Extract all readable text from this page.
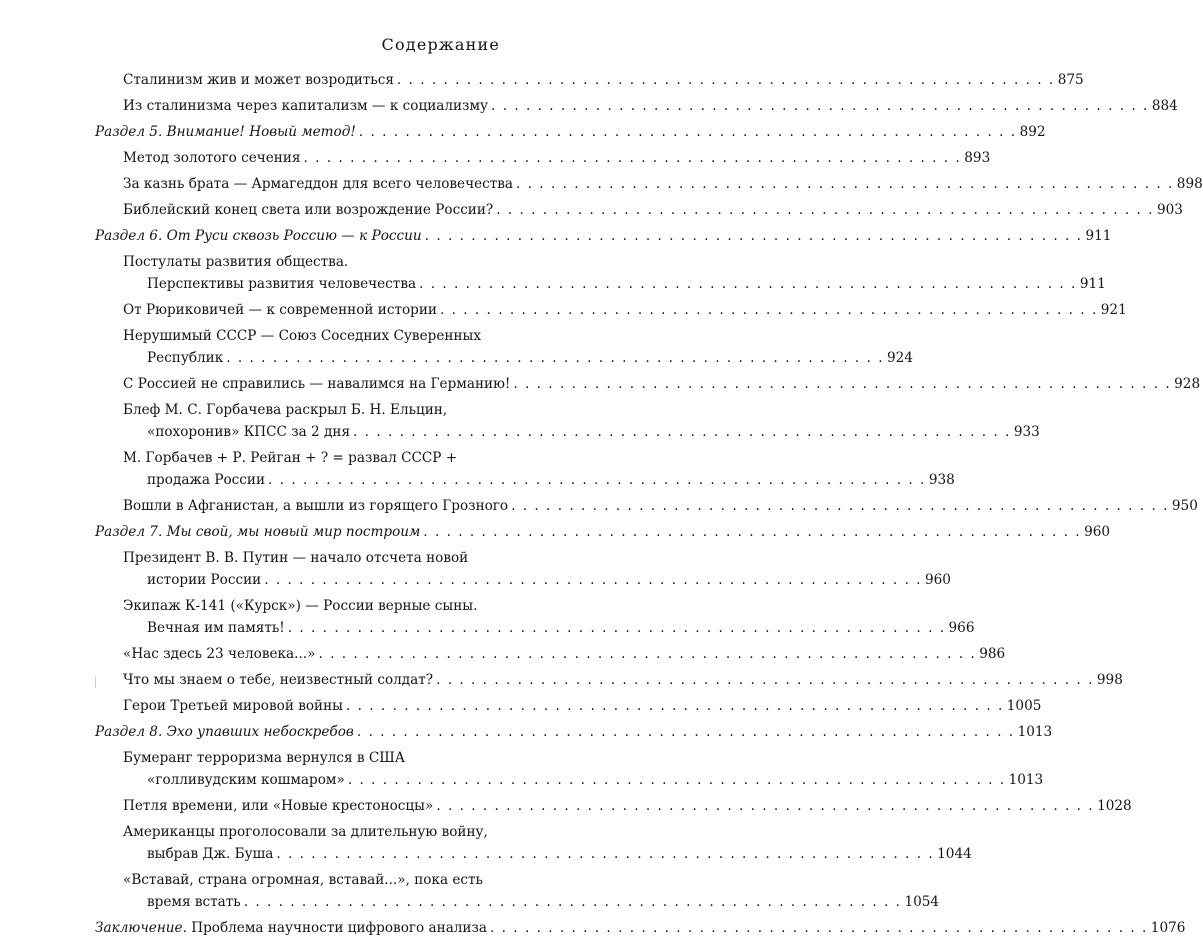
Содержание
Сталинизм жив и может возродиться . . .	875
Из сталинизма через капитализм — к социализму . . .	884
Раздел 5. Внимание! Новый метод! . . .	892
Метод золотого сечения . . .	893
За казнь брата — Армагеддон для всего человечества . . .	898
Библейский конец света или возрождение России? . . .	903
Раздел 6. От Руси сквозь Россию — к России . . .	911
Постулаты развития общества.
Перспективы развития человечества . . .	911
От Рюриковичей — к современной истории . . .	921
Нерушимый СССР — Союз Соседних Суверенных
Республик . . .	924
С Россией не справились — навалимся на Германию! . . .	928
Блеф М. С. Горбачева раскрыл Б. Н. Ельцин,
«похоронив» КПСС за 2 дня . . .	933
М. Горбачев + Р. Рейган + ? = развал СССР +
продажа России . . .	938
Вошли в Афганистан, а вышли из горящего Грозного . . .	950
Раздел 7. Мы свой, мы новый мир построим . . .	960
Президент В. В. Путин — начало отсчета новой
истории России . . .	960
Экипаж К-141 («Курск») — России верные сыны.
Вечная им память! . . .	966
«Нас здесь 23 человека...» . . .	986
Что мы знаем о тебе, неизвестный солдат? . . .	998
Герои Третьей мировой войны . . .	1005
Раздел 8. Эхо упавших небоскребов . . .	1013
Бумеранг терроризма вернулся в США
«голливудским кошмаром» . . .	1013
Петля времени, или «Новые крестоносцы» . . .	1028
Американцы проголосовали за длительную войну,
выбрав Дж. Буша . . .	1044
«Вставай, страна огромная, вставай...», пока есть
время встать . . .	1054
Заключение. Проблема научности цифрового анализа . . .	1076
